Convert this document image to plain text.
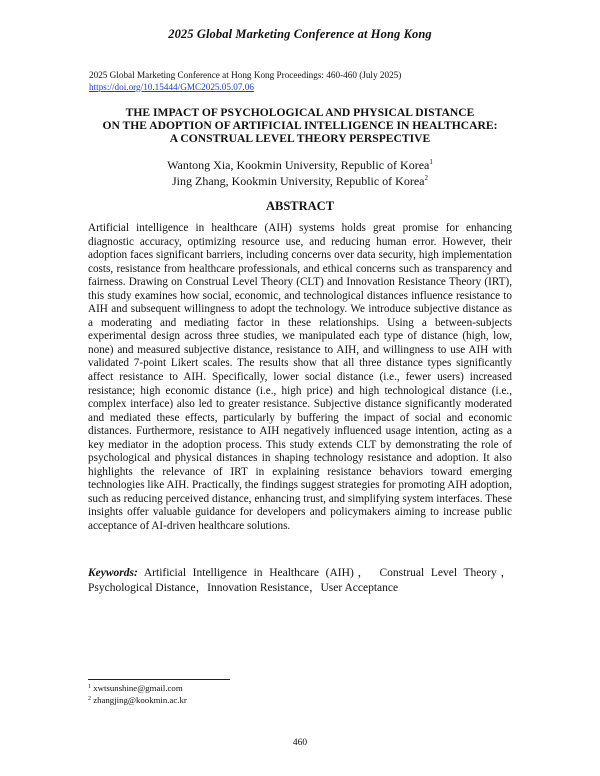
2025 Global Marketing Conference at Hong Kong
2025 Global Marketing Conference at Hong Kong Proceedings: 460-460 (July 2025)
https://doi.org/10.15444/GMC2025.05.07.06
THE IMPACT OF PSYCHOLOGICAL AND PHYSICAL DISTANCE
ON THE ADOPTION OF ARTIFICIAL INTELLIGENCE IN HEALTHCARE:
A CONSTRUAL LEVEL THEORY PERSPECTIVE
Wantong Xia, Kookmin University, Republic of Korea$^1$
Jing Zhang, Kookmin University, Republic of Korea$^2$
ABSTRACT
Artificial intelligence in healthcare (AIH) systems holds great promise for enhancing diagnostic accuracy, optimizing resource use, and reducing human error. However, their adoption faces significant barriers, including concerns over data security, high implementation costs, resistance from healthcare professionals, and ethical concerns such as transparency and fairness. Drawing on Construal Level Theory (CLT) and Innovation Resistance Theory (IRT), this study examines how social, economic, and technological distances influence resistance to AIH and subsequent willingness to adopt the technology. We introduce subjective distance as a moderating and mediating factor in these relationships. Using a between-subjects experimental design across three studies, we manipulated each type of distance (high, low, none) and measured subjective distance, resistance to AIH, and willingness to use AIH with validated 7-point Likert scales. The results show that all three distance types significantly affect resistance to AIH. Specifically, lower social distance (i.e., fewer users) increased resistance; high economic distance (i.e., high price) and high technological distance (i.e., complex interface) also led to greater resistance. Subjective distance significantly moderated and mediated these effects, particularly by buffering the impact of social and economic distances. Furthermore, resistance to AIH negatively influenced usage intention, acting as a key mediator in the adoption process. This study extends CLT by demonstrating the role of psychological and physical distances in shaping technology resistance and adoption. It also highlights the relevance of IRT in explaining resistance behaviors toward emerging technologies like AIH. Practically, the findings suggest strategies for promoting AIH adoption, such as reducing perceived distance, enhancing trust, and simplifying system interfaces. These insights offer valuable guidance for developers and policymakers aiming to increase public acceptance of AI-driven healthcare solutions.
Keywords: Artificial Intelligence in Healthcare (AIH)， Construal Level Theory， Psychological Distance，Innovation Resistance，User Acceptance
$^1$ xwtsunshine@gmail.com
$^2$ zhangjing@kookmin.ac.kr
460
